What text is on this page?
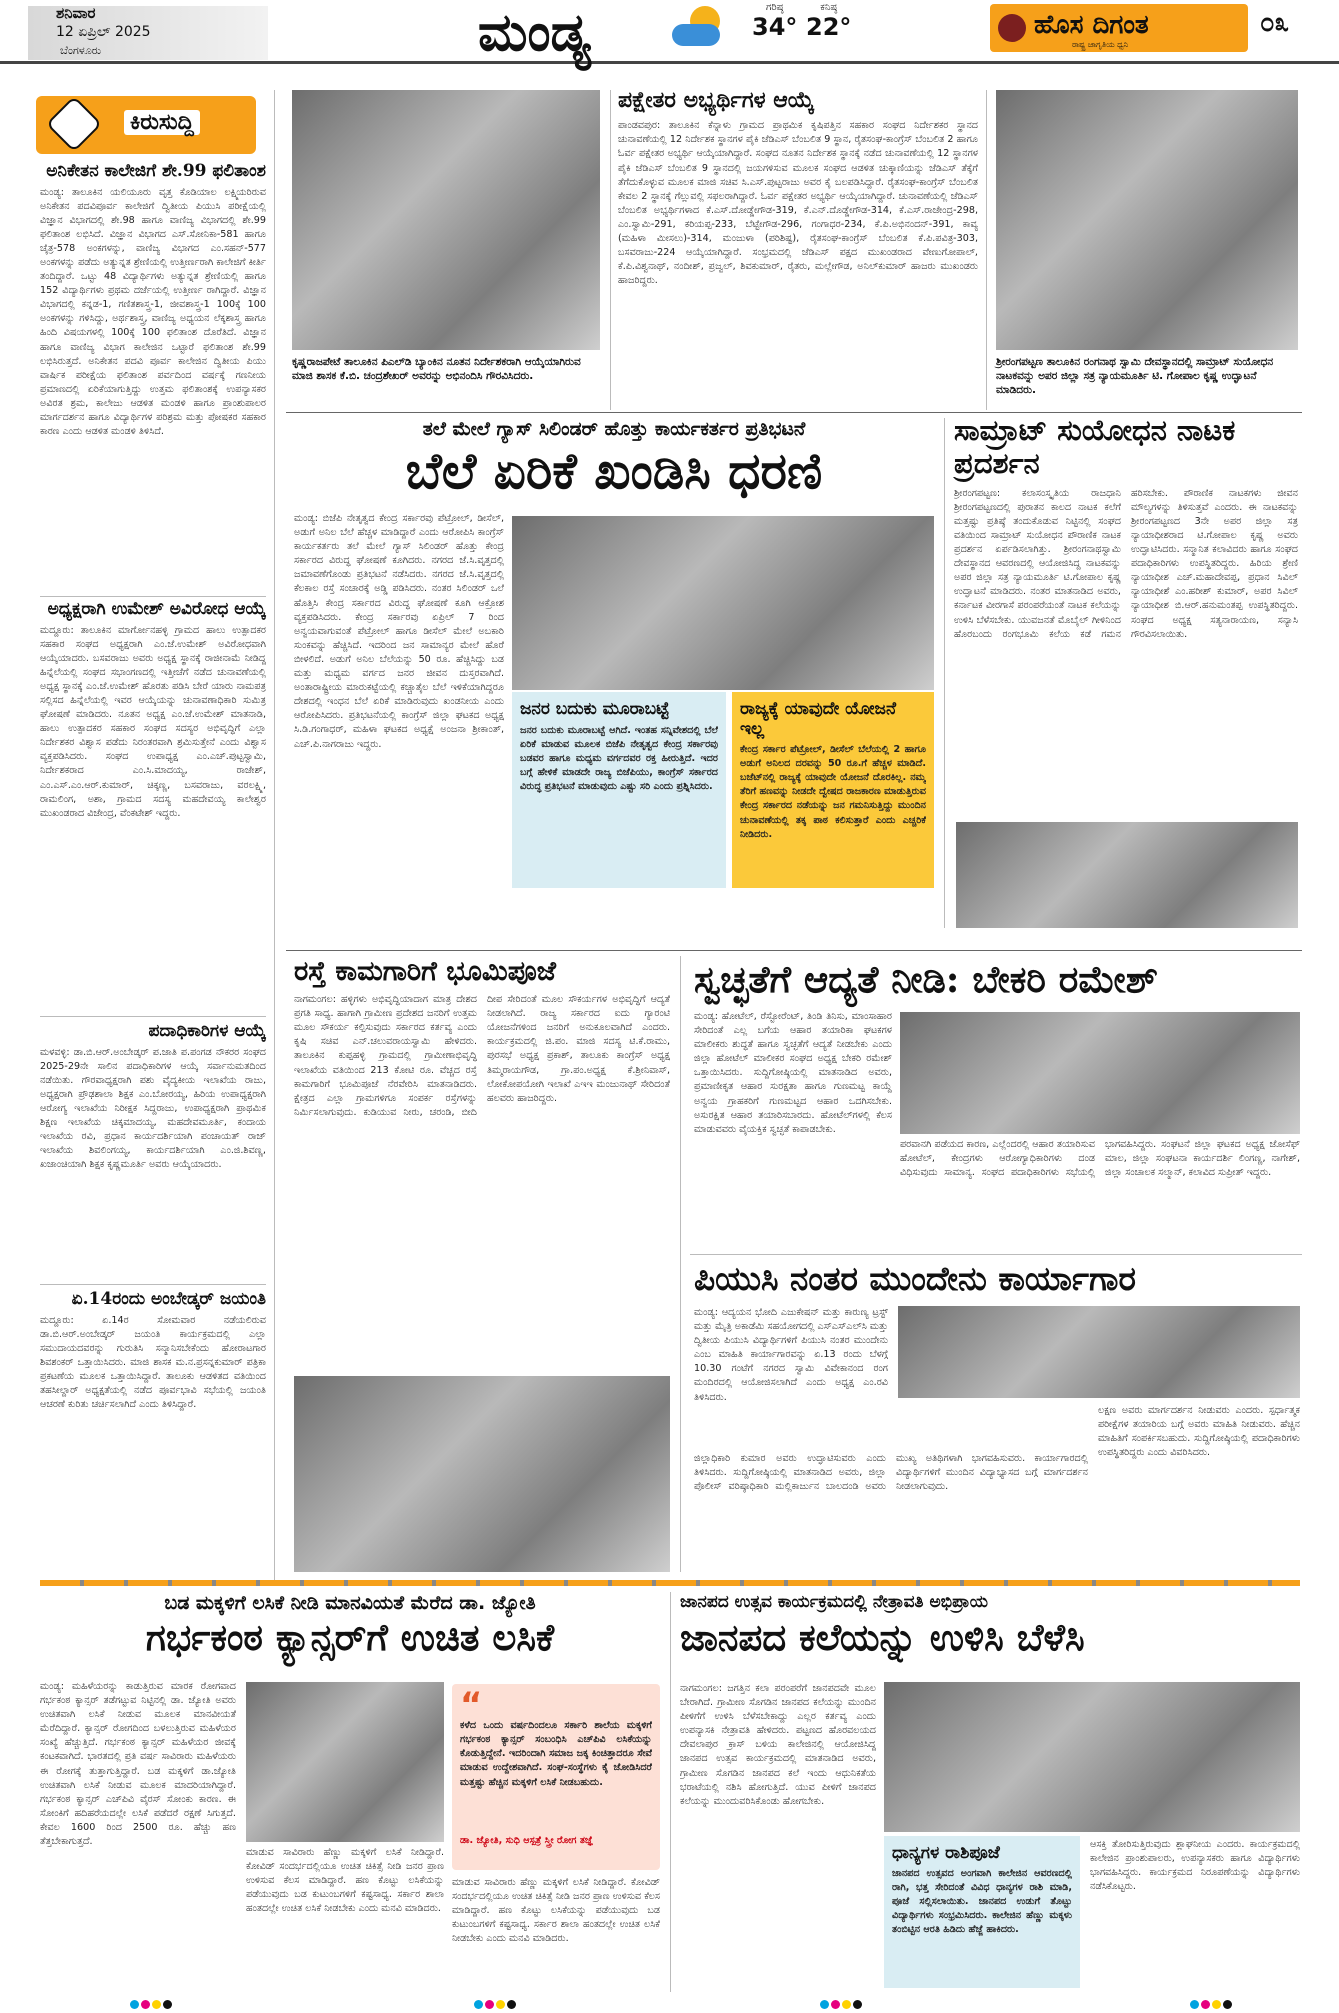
ಶನಿವಾರ
12 ಏಪ್ರಿಲ್ 2025
ಬೆಂಗಳೂರು	ಮಂಡ್ಯ	ಗರಿಷ್ಠ
34°
ಕನಿಷ್ಠ
22°	ಹೊಸ ದಿಗಂತ
ರಾಷ್ಟ್ರ ಜಾಗೃತಿಯ ಧ್ವನಿ
೦೩
ಕಿರುಸುದ್ದಿ
ಅನಿಕೇತನ ಕಾಲೇಜಿಗೆ ಶೇ.99 ಫಲಿತಾಂಶ

ಮಂಡ್ಯ: ತಾಲೂಕಿನ ಯಲಿಯೂರು ವೃತ್ತ ಕೊಡಿಯಾಲ ಲಕ್ಷ್ಮಿಯರಿರುವ ಅನಿಕೇತನ ಪದವಿಪೂರ್ವ ಕಾಲೇಜಿಗೆ ದ್ವಿತೀಯ ಪಿಯುಸಿ ಪರೀಕ್ಷೆಯಲ್ಲಿ ವಿಜ್ಞಾನ ವಿಭಾಗದಲ್ಲಿ ಶೇ.98 ಹಾಗೂ ವಾಣಿಜ್ಯ ವಿಭಾಗದಲ್ಲಿ ಶೇ.99 ಫಲಿತಾಂಶ ಲಭಿಸಿದೆ. ವಿಜ್ಞಾನ ವಿಭಾಗದ ಎಸ್.ಸೋನಿಕಾ-581 ಹಾಗೂ ಚೈತ್ರ-578 ಅಂಕಗಳನ್ನು, ವಾಣಿಜ್ಯ ವಿಭಾಗದ ಎಂ.ಸಹನ್-577 ಅಂಕಗಳನ್ನು ಪಡೆದು ಅತ್ಯುನ್ನತ ಶ್ರೇಣಿಯಲ್ಲಿ ಉತ್ತೀರ್ಣರಾಗಿ ಕಾಲೇಜಿಗೆ ಕೀರ್ತಿ ತಂದಿದ್ದಾರೆ. ಒಟ್ಟು 48 ವಿದ್ಯಾರ್ಥಿಗಳು ಅತ್ಯುನ್ನತ ಶ್ರೇಣಿಯಲ್ಲಿ ಹಾಗೂ 152 ವಿದ್ಯಾರ್ಥಿಗಳು ಪ್ರಥಮ ದರ್ಜೆಯಲ್ಲಿ ಉತ್ತೀರ್ಣ ರಾಗಿದ್ದಾರೆ. ವಿಜ್ಞಾನ ವಿಭಾಗದಲ್ಲಿ ಕನ್ನಡ-1, ಗಣಿತಶಾಸ್ತ್ರ-1, ಜೀವಶಾಸ್ತ್ರ-1 100ಕ್ಕೆ 100 ಅಂಕಗಳನ್ನು ಗಳಿಸಿದ್ದು, ಅರ್ಥಶಾಸ್ತ್ರ, ವಾಣಿಜ್ಯ ಅಧ್ಯಯನ ಲೆಕ್ಕಶಾಸ್ತ್ರ ಹಾಗೂ ಹಿಂದಿ ವಿಷಯಗಳಲ್ಲಿ 100ಕ್ಕೆ 100 ಫಲಿತಾಂಶ ದೊರೆತಿದೆ. ವಿಜ್ಞಾನ ಹಾಗೂ ವಾಣಿಜ್ಯ ವಿಭಾಗ ಕಾಲೇಜಿನ ಒಟ್ಟಾರೆ ಫಲಿತಾಂಶ ಶೇ.99 ಲಭಿಸಿರುತ್ತದೆ. ಅನಿಕೇತನ ಪದವಿ ಪೂರ್ವ ಕಾಲೇಜಿನ ದ್ವಿತೀಯ ಪಿಯು ವಾರ್ಷಿಕ ಪರೀಕ್ಷೆಯ ಫಲಿತಾಂಶ ಪರ್ವದಿಂದ ವರ್ಷಕ್ಕೆ ಗಣನೀಯ ಪ್ರಮಾಣದಲ್ಲಿ ಏರಿಕೆಯಾಗುತ್ತಿದ್ದು ಉತ್ತಮ ಫಲಿತಾಂಶಕ್ಕೆ ಉಪನ್ಯಾಸಕರ ಅವಿರತ ಶ್ರಮ, ಕಾಲೇಜು ಆಡಳಿತ ಮಂಡಳಿ ಹಾಗೂ ಪ್ರಾಂಶುಪಾಲರ ಮಾರ್ಗದರ್ಶನ ಹಾಗೂ ವಿದ್ಯಾರ್ಥಿಗಳ ಪರಿಶ್ರಮ ಮತ್ತು ಪೋಷಕರ ಸಹಕಾರ ಕಾರಣ ಎಂದು ಆಡಳಿತ ಮಂಡಳಿ ತಿಳಿಸಿದೆ.

ಅಧ್ಯಕ್ಷರಾಗಿ ಉಮೇಶ್ ಅವಿರೋಧ ಆಯ್ಕೆ

ಮದ್ದೂರು: ತಾಲೂಕಿನ ಮಾರ್ಗೋನಹಳ್ಳಿ ಗ್ರಾಮದ ಹಾಲು ಉತ್ಪಾದಕರ ಸಹಕಾರ ಸಂಘದ ಅಧ್ಯಕ್ಷರಾಗಿ ಎಂ.ಜೆ.ಉಮೇಶ್ ಅವಿರೋಧವಾಗಿ ಆಯ್ಕೆಯಾದರು. ಬಸವರಾಜು ಅವರು ಅಧ್ಯಕ್ಷ ಸ್ಥಾನಕ್ಕೆ ರಾಜೀನಾಮೆ ನೀಡಿದ್ದ ಹಿನ್ನೆಲೆಯಲ್ಲಿ ಸಂಘದ ಸಭಾಂಗಣದಲ್ಲಿ ಇತ್ತೀಚೆಗೆ ನಡೆದ ಚುನಾವಣೆಯಲ್ಲಿ ಅಧ್ಯಕ್ಷ ಸ್ಥಾನಕ್ಕೆ ಎಂ.ಜೆ.ಉಮೇಶ್ ಹೊರತು ಪಡಿಸಿ ಬೇರೆ ಯಾರು ನಾಮಪತ್ರ ಸಲ್ಲಿಸದ ಹಿನ್ನೆಲೆಯಲ್ಲಿ ಇವರ ಆಯ್ಕೆಯನ್ನು ಚುನಾವಣಾಧಿಕಾರಿ ಸುಮಿತ್ರ ಘೋಷಣೆ ಮಾಡಿದರು. ನೂತನ ಅಧ್ಯಕ್ಷ ಎಂ.ಜೆ.ಉಮೇಶ್ ಮಾತನಾಡಿ, ಹಾಲು ಉತ್ಪಾದಕರ ಸಹಕಾರ ಸಂಘದ ಸದಸ್ಯರ ಅಭಿವೃದ್ಧಿಗೆ ಎಲ್ಲಾ ನಿರ್ದೇಶಕರ ವಿಶ್ವಾಸ ಪಡೆದು ನಿರಂತರವಾಗಿ ಶ್ರಮಿಸುತ್ತೇನೆ ಎಂದು ವಿಶ್ವಾಸ ವ್ಯಕ್ತಪಡಿಸಿದರು. ಸಂಘದ ಉಪಾಧ್ಯಕ್ಷ ಎಂ.ಎಚ್.ಪುಟ್ಟಸ್ವಾಮಿ, ನಿರ್ದೇಶಕರಾದ ಎಂ.ಸಿ.ಮಾದಯ್ಯ, ರಾಜೇಶ್, ಎಂ.ಎಸ್.ಎಂ.ಆರ್.ಕುಮಾರ್, ಚಿಕ್ಕಣ್ಣ, ಬಸವರಾಜು, ವರಲಕ್ಷ್ಮಿ, ರಾಮಲಿಂಗ, ಅಶಾ, ಗ್ರಾಮದ ಸದಸ್ಯ ಮಹದೇವಯ್ಯ ಕಾಲೇಶ್ವರ ಮುಖಂಡರಾದ ವಿಜೇಂದ್ರ, ವೆಂಕಟೇಶ್ ಇದ್ದರು.

ಪದಾಧಿಕಾರಿಗಳ ಆಯ್ಕೆ

ಮಳವಳ್ಳಿ: ಡಾ.ಬಿ.ಆರ್.ಅಂಬೇಡ್ಕರ್ ಪ.ಜಾತಿ ಪ.ಪಂಗಡ ನೌಕರರ ಸಂಘದ 2025-29ನೇ ಸಾಲಿನ ಪದಾಧಿಕಾರಿಗಳ ಆಯ್ಕೆ ಸರ್ವಾನುಮತದಿಂದ ನಡೆಯಿತು. ಗೌರವಾಧ್ಯಕ್ಷರಾಗಿ ಪಶು ವೈದ್ಯಕೀಯ ಇಲಾಖೆಯ ರಾಜು, ಅಧ್ಯಕ್ಷರಾಗಿ ಪ್ರೌಢಶಾಲಾ ಶಿಕ್ಷಕ ಎಂ.ಬೋರಯ್ಯ, ಹಿರಿಯ ಉಪಾಧ್ಯಕ್ಷರಾಗಿ ಆರೋಗ್ಯ ಇಲಾಖೆಯ ನಿರೀಕ್ಷಕ ಸಿದ್ದರಾಜು, ಉಪಾಧ್ಯಕ್ಷರಾಗಿ ಪ್ರಾಥಮಿಕ ಶಿಕ್ಷಣ ಇಲಾಖೆಯ ಚಿಕ್ಕಮಾದಯ್ಯ, ಮಹದೇವಮೂರ್ತಿ, ಕಂದಾಯ ಇಲಾಖೆಯ ರವಿ, ಪ್ರಧಾನ ಕಾರ್ಯದರ್ಶಿಯಾಗಿ ಪಂಚಾಯತ್ ರಾಜ್ ಇಲಾಖೆಯ ಶಿವಲಿಂಗಯ್ಯ, ಕಾರ್ಯದರ್ಶಿಯಾಗಿ ಎಂ.ಜಿ.ಶಿವಣ್ಣ, ಖಜಾಂಚಿಯಾಗಿ ಶಿಕ್ಷಕ ಕೃಷ್ಣಮೂರ್ತಿ ಅವರು ಆಯ್ಕೆಯಾದರು.

ಏ.14ರಂದು ಅಂಬೇಡ್ಕರ್ ಜಯಂತಿ

ಮದ್ದೂರು: ಏ.14ರ ಸೋಮವಾರ ನಡೆಯಲಿರುವ ಡಾ.ಬಿ.ಆರ್.ಅಂಬೇಡ್ಕರ್ ಜಯಂತಿ ಕಾರ್ಯಕ್ರಮದಲ್ಲಿ ಎಲ್ಲಾ ಸಮುದಾಯದವರನ್ನು ಗುರುತಿಸಿ ಸನ್ಮಾನಿಸಬೇಕೆಂದು ಹೋರಾಟಗಾರ ಶಿವಶಂಕರ್ ಒತ್ತಾಯಿಸಿದರು. ಮಾಜಿ ಶಾಸಕ ಮ.ನ.ಪ್ರಸನ್ನಕುಮಾರ್ ಪತ್ರಿಕಾ ಪ್ರಕಟಣೆಯ ಮೂಲಕ ಒತ್ತಾಯಿಸಿದ್ದಾರೆ. ತಾಲೂಕು ಆಡಳಿತದ ವತಿಯಿಂದ ತಹಸೀಲ್ದಾರ್ ಅಧ್ಯಕ್ಷತೆಯಲ್ಲಿ ನಡೆದ ಪೂರ್ವಭಾವಿ ಸಭೆಯಲ್ಲಿ ಜಯಂತಿ ಆಚರಣೆ ಕುರಿತು ಚರ್ಚಿಸಲಾಗಿದೆ ಎಂದು ತಿಳಿಸಿದ್ದಾರೆ.

ಕೃಷ್ಣರಾಜಪೇಟೆ ತಾಲೂಕಿನ ಪಿಎಲ್‌ಡಿ ಬ್ಯಾಂಕಿನ ನೂತನ ನಿರ್ದೇಶಕರಾಗಿ ಆಯ್ಕೆಯಾಗಿರುವ ಮಾಜಿ ಶಾಸಕ ಕೆ.ಬಿ. ಚಂದ್ರಶೇಖರ್ ಅವರನ್ನು ಅಭಿನಂದಿಸಿ ಗೌರವಿಸಿದರು.
ಪಕ್ಷೇತರ ಅಭ್ಯರ್ಥಿಗಳ ಆಯ್ಕೆ

ಪಾಂಡವಪುರ: ತಾಲೂಕಿನ ಕೆನ್ನಾಳು ಗ್ರಾಮದ ಪ್ರಾಥಮಿಕ ಕೃಷಿಪತ್ತಿನ ಸಹಕಾರ ಸಂಘದ ನಿರ್ದೇಶಕರ ಸ್ಥಾನದ ಚುನಾವಣೆಯಲ್ಲಿ 12 ನಿರ್ದೇಶಕ ಸ್ಥಾನಗಳ ಪೈಕಿ ಜೆಡಿಎಸ್ ಬೆಂಬಲಿತ 9 ಸ್ಥಾನ, ರೈತಸಂಘ-ಕಾಂಗ್ರೆಸ್ ಬೆಂಬಲಿತ 2 ಹಾಗೂ ಓರ್ವ ಪಕ್ಷೇತರ ಅಭ್ಯರ್ಥಿ ಆಯ್ಕೆಯಾಗಿದ್ದಾರೆ. ಸಂಘದ ನೂತನ ನಿರ್ದೇಶಕ ಸ್ಥಾನಕ್ಕೆ ನಡೆದ ಚುನಾವಣೆಯಲ್ಲಿ 12 ಸ್ಥಾನಗಳ ಪೈಕಿ ಜೆಡಿಎಸ್ ಬೆಂಬಲಿತ 9 ಸ್ಥಾನದಲ್ಲಿ ಜಯಗಳಿಸುವ ಮೂಲಕ ಸಂಘದ ಆಡಳಿತ ಚುಕ್ಕಾಣಿಯನ್ನು ಜೆಡಿಎಸ್ ತೆಕ್ಕೆಗೆ ತೆಗೆದುಕೊಳ್ಳುವ ಮೂಲಕ ಮಾಜಿ ಸಚಿವ ಸಿ.ಎಸ್.ಪುಟ್ಟರಾಜು ಅವರ ಕೈ ಬಲಪಡಿಸಿದ್ದಾರೆ. ರೈತಸಂಘ-ಕಾಂಗ್ರೆಸ್ ಬೆಂಬಲಿತ ಕೇವಲ 2 ಸ್ಥಾನಕ್ಕೆ ಗೆಲ್ಲುವಲ್ಲಿ ಸಫಲರಾಗಿದ್ದಾರೆ. ಓರ್ವ ಪಕ್ಷೇತರ ಅಭ್ಯರ್ಥಿ ಆಯ್ಕೆಯಾಗಿದ್ದಾರೆ. ಚುನಾವಣೆಯಲ್ಲಿ ಜೆಡಿಎಸ್ ಬೆಂಬಲಿತ ಅಭ್ಯರ್ಥಿಗಳಾದ ಕೆ.ಎಸ್.ದೋಡ್ಡೇಗೌಡ-319, ಕೆ.ಎನ್.ದೊಡ್ಡೇಗೌಡ-314, ಕೆ.ಎಸ್.ರಾಜೇಂದ್ರ-298, ಎಂ.ಸ್ವಾಮಿ-291, ಕರಿಯಪ್ಪ-233, ಬೆಟ್ಟೇಗೌಡ-296, ಗಂಗಾಧರ-234, ಕೆ.ಪಿ.ಅಭಿನಂದನ್-391, ಕಾವ್ಯ (ಮಹಿಳಾ ಮೀಸಲು)-314, ಮಂಜುಳಾ (ಪರಿಶಿಷ್ಟ), ರೈತಸಂಘ-ಕಾಂಗ್ರೆಸ್ ಬೆಂಬಲಿತ ಕೆ.ಪಿ.ಪವಿತ್ರ-303, ಬಸವರಾಜು-224 ಆಯ್ಕೆಯಾಗಿದ್ದಾರೆ. ಸಂಭ್ರಮದಲ್ಲಿ ಜೆಡಿಎಸ್ ಪಕ್ಷದ ಮುಖಂಡರಾದ ವೇಣುಗೋಪಾಲ್, ಕೆ.ಪಿ.ವಿಶ್ವನಾಥ್, ನಂದೀಶ್, ಪ್ರಜ್ವಲ್, ಶಿವಕುಮಾರ್, ರೈತರು, ಮಲ್ಲೇಗೌಡ, ಅನಿಲ್‌ಕುಮಾರ್ ಹಾಜರು ಮುಖಂಡರು ಹಾಜರಿದ್ದರು.

ಶ್ರೀರಂಗಪಟ್ಟಣ ತಾಲೂಕಿನ ರಂಗನಾಥ ಸ್ವಾಮಿ ದೇವಸ್ಥಾನದಲ್ಲಿ ಸಾಮ್ರಾಟ್ ಸುಯೋಧನ ನಾಟಕವನ್ನು ಅಪರ ಜಿಲ್ಲಾ ಸತ್ರ ನ್ಯಾಯಮೂರ್ತಿ ಟಿ. ಗೋಪಾಲ ಕೃಷ್ಣ ಉದ್ಘಾಟನೆ ಮಾಡಿದರು.
ತಲೆ ಮೇಲೆ ಗ್ಯಾಸ್ ಸಿಲಿಂಡರ್ ಹೊತ್ತು ಕಾರ್ಯಕರ್ತರ ಪ್ರತಿಭಟನೆ
ಬೆಲೆ ಏರಿಕೆ ಖಂಡಿಸಿ ಧರಣಿ

ಮಂಡ್ಯ: ಬಿಜೆಪಿ ನೇತೃತ್ವದ ಕೇಂದ್ರ ಸರ್ಕಾರವು ಪೆಟ್ರೋಲ್, ಡೀಸೆಲ್, ಅಡುಗೆ ಅನಿಲ ಬೆಲೆ ಹೆಚ್ಚಳ ಮಾಡಿದ್ದಾರೆ ಎಂದು ಆರೋಪಿಸಿ ಕಾಂಗ್ರೆಸ್ ಕಾರ್ಯಕರ್ತರು ತಲೆ ಮೇಲೆ ಗ್ಯಾಸ್ ಸಿಲಿಂಡರ್ ಹೊತ್ತು ಕೇಂದ್ರ ಸರ್ಕಾರದ ವಿರುದ್ಧ ಘೋಷಣೆ ಕೂಗಿದರು. ನಗರದ ಜೆ.ಸಿ.ವೃತ್ತದಲ್ಲಿ ಜಮಾವಣೆಗೊಂಡು ಪ್ರತಿಭಟನೆ ನಡೆಸಿದರು. ನಗರದ ಜೆ.ಸಿ.ವೃತ್ತದಲ್ಲಿ ಕೆಲಕಾಲ ರಸ್ತೆ ಸಂಚಾರಕ್ಕೆ ಅಡ್ಡಿ ಪಡಿಸಿದರು. ನಂತರ ಸಿಲಿಂಡರ್ ಒಲೆ ಹೊತ್ತಿಸಿ ಕೇಂದ್ರ ಸರ್ಕಾರದ ವಿರುದ್ಧ ಘೋಷಣೆ ಕೂಗಿ ಆಕ್ರೋಶ ವ್ಯಕ್ತಪಡಿಸಿದರು. ಕೇಂದ್ರ ಸರ್ಕಾರವು ಏಪ್ರಿಲ್ 7 ರಿಂದ ಅನ್ವಯವಾಗುವಂತೆ ಪೆಟ್ರೋಲ್ ಹಾಗೂ ಡೀಸೆಲ್ ಮೇಲೆ ಅಬಕಾರಿ ಸುಂಕವನ್ನು ಹೆಚ್ಚಿಸಿದೆ. ಇದರಿಂದ ಜನ ಸಾಮಾನ್ಯರ ಮೇಲೆ ಹೊರೆ ಬೀಳಲಿದೆ. ಅಡುಗೆ ಅನಿಲ ಬೆಲೆಯನ್ನು 50 ರೂ. ಹೆಚ್ಚಿಸಿದ್ದು ಬಡ ಮತ್ತು ಮಧ್ಯಮ ವರ್ಗದ ಜನರ ಜೀವನ ದುಸ್ತರವಾಗಿದೆ. ಅಂತಾರಾಷ್ಟ್ರೀಯ ಮಾರುಕಟ್ಟೆಯಲ್ಲಿ ಕಚ್ಚಾತೈಲ ಬೆಲೆ ಇಳಿಕೆಯಾಗಿದ್ದರೂ ದೇಶದಲ್ಲಿ ಇಂಧನ ಬೆಲೆ ಏರಿಕೆ ಮಾಡಿರುವುದು ಖಂಡನೀಯ ಎಂದು ಆರೋಪಿಸಿದರು. ಪ್ರತಿಭಟನೆಯಲ್ಲಿ ಕಾಂಗ್ರೆಸ್ ಜಿಲ್ಲಾ ಘಟಕದ ಅಧ್ಯಕ್ಷ ಸಿ.ಡಿ.ಗಂಗಾಧರ್, ಮಹಿಳಾ ಘಟಕದ ಅಧ್ಯಕ್ಷೆ ಅಂಜನಾ ಶ್ರೀಕಾಂತ್, ಎಚ್.ಪಿ.ನಾಗರಾಜು ಇದ್ದರು.

ಜನರ ಬದುಕು ಮೂರಾಬಟ್ಟೆ

ಜನರ ಬದುಕು ಮೂರಾಬಟ್ಟೆ ಆಗಿದೆ. ಇಂತಹ ಸನ್ನಿವೇಶದಲ್ಲಿ ಬೆಲೆ ಏರಿಕೆ ಮಾಡುವ ಮೂಲಕ ಬಿಜೆಪಿ ನೇತೃತ್ವದ ಕೇಂದ್ರ ಸರ್ಕಾರವು ಬಡವರ ಹಾಗೂ ಮಧ್ಯಮ ವರ್ಗದವರ ರಕ್ತ ಹೀರುತ್ತಿದೆ. ಇದರ ಬಗ್ಗೆ ಹೇಳಿಕೆ ಮಾಡದೇ ರಾಜ್ಯ ಬಿಜೆಪಿಯು, ಕಾಂಗ್ರೆಸ್ ಸರ್ಕಾರದ ವಿರುದ್ಧ ಪ್ರತಿಭಟನೆ ಮಾಡುವುದು ಎಷ್ಟು ಸರಿ ಎಂದು ಪ್ರಶ್ನಿಸಿದರು.

ರಾಜ್ಯಕ್ಕೆ ಯಾವುದೇ ಯೋಜನೆ ಇಲ್ಲ

ಕೇಂದ್ರ ಸರ್ಕಾರ ಪೆಟ್ರೋಲ್, ಡೀಸೆಲ್ ಬೆಲೆಯಲ್ಲಿ 2 ಹಾಗೂ ಅಡುಗೆ ಅನಿಲದ ದರವನ್ನು 50 ರೂ.ಗೆ ಹೆಚ್ಚಳ ಮಾಡಿದೆ. ಬಜೆಟ್‌ನಲ್ಲಿ ರಾಜ್ಯಕ್ಕೆ ಯಾವುದೇ ಯೋಜನೆ ದೊರಕಿಲ್ಲ. ನಮ್ಮ ತೆರಿಗೆ ಹಣವನ್ನು ನೀಡದೇ ದ್ವೇಷದ ರಾಜಕಾರಣ ಮಾಡುತ್ತಿರುವ ಕೇಂದ್ರ ಸರ್ಕಾರದ ನಡೆಯನ್ನು ಜನ ಗಮನಿಸುತ್ತಿದ್ದು ಮುಂದಿನ ಚುನಾವಣೆಯಲ್ಲಿ ತಕ್ಕ ಪಾಠ ಕಲಿಸುತ್ತಾರೆ ಎಂದು ಎಚ್ಚರಿಕೆ ನೀಡಿದರು.

ಸಾಮ್ರಾಟ್ ಸುಯೋಧನ ನಾಟಕ ಪ್ರದರ್ಶನ

ಶ್ರೀರಂಗಪಟ್ಟಣ: ಕಲಾಸಂಸ್ಕೃತಿಯ ರಾಜಧಾನಿ ಶ್ರೀರಂಗಪಟ್ಟಣದಲ್ಲಿ ಪುರಾತನ ಕಾಲದ ನಾಟಕ ಕಲೆಗೆ ಮತ್ತಷ್ಟು ಪ್ರತಿಷ್ಠೆ ತಂದುಕೊಡುವ ನಿಟ್ಟಿನಲ್ಲಿ ಸಂಘದ ವತಿಯಿಂದ ಸಾಮ್ರಾಟ್ ಸುಯೋಧನ ಪೌರಾಣಿಕ ನಾಟಕ ಪ್ರದರ್ಶನ ಏರ್ಪಡಿಸಲಾಗಿತ್ತು. ಶ್ರೀರಂಗನಾಥಸ್ವಾಮಿ ದೇವಸ್ಥಾನದ ಆವರಣದಲ್ಲಿ ಆಯೋಜಿಸಿದ್ದ ನಾಟಕವನ್ನು ಅಪರ ಜಿಲ್ಲಾ ಸತ್ರ ನ್ಯಾಯಮೂರ್ತಿ ಟಿ.ಗೋಪಾಲ ಕೃಷ್ಣ ಉದ್ಘಾಟನೆ ಮಾಡಿದರು. ನಂತರ ಮಾತನಾಡಿದ ಅವರು, ಕರ್ನಾಟಕ ವೀರಗಾಸೆ ಪರಂಪರೆಯಂತೆ ನಾಟಕ ಕಲೆಯನ್ನು ಉಳಿಸಿ ಬೆಳೆಸಬೇಕು. ಯುವಜನತೆ ಮೊಬೈಲ್ ಗೀಳಿನಿಂದ ಹೊರಬಂದು ರಂಗಭೂಮಿ ಕಲೆಯ ಕಡೆ ಗಮನ ಹರಿಸಬೇಕು. ಪೌರಾಣಿಕ ನಾಟಕಗಳು ಜೀವನ ಮೌಲ್ಯಗಳನ್ನು ತಿಳಿಸುತ್ತವೆ ಎಂದರು. ಈ ನಾಟಕವನ್ನು ಶ್ರೀರಂಗಪಟ್ಟಣದ 3ನೇ ಅಪರ ಜಿಲ್ಲಾ ಸತ್ರ ನ್ಯಾಯಾಧೀಶರಾದ ಟಿ.ಗೋಪಾಲ ಕೃಷ್ಣ ಅವರು ಉದ್ಘಾಟಿಸಿದರು. ಸನ್ಮಾನಿತ ಕಲಾವಿದರು ಹಾಗೂ ಸಂಘದ ಪದಾಧಿಕಾರಿಗಳು ಉಪಸ್ಥಿತರಿದ್ದರು. ಹಿರಿಯ ಶ್ರೇಣಿ ನ್ಯಾಯಾಧೀಶ ಎಚ್.ಮಹಾದೇವಪ್ಪ, ಪ್ರಧಾನ ಸಿವಿಲ್ ನ್ಯಾಯಾಧೀಶೆ ಎಂ.ಹರೀಶ್ ಕುಮಾರ್, ಅಪರ ಸಿವಿಲ್ ನ್ಯಾಯಾಧೀಶ ಬಿ.ಆರ್.ಹನುಮಂತಪ್ಪ ಉಪಸ್ಥಿತರಿದ್ದರು. ಸಂಘದ ಅಧ್ಯಕ್ಷ ಸತ್ಯನಾರಾಯಣ, ಸನ್ಯಾಸಿ ಗೌರವಿಸಲಾಯಿತು.

ರಸ್ತೆ ಕಾಮಗಾರಿಗೆ ಭೂಮಿಪೂಜೆ

ನಾಗಮಂಗಲ: ಹಳ್ಳಿಗಳು ಅಭಿವೃದ್ಧಿಯಾದಾಗ ಮಾತ್ರ ದೇಶದ ಪ್ರಗತಿ ಸಾಧ್ಯ. ಹಾಗಾಗಿ ಗ್ರಾಮೀಣ ಪ್ರದೇಶದ ಜನರಿಗೆ ಉತ್ತಮ ಮೂಲ ಸೌಕರ್ಯ ಕಲ್ಪಿಸುವುದು ಸರ್ಕಾರದ ಕರ್ತವ್ಯ ಎಂದು ಕೃಷಿ ಸಚಿವ ಎನ್.ಚಲುವರಾಯಸ್ವಾಮಿ ಹೇಳಿದರು. ತಾಲೂಕಿನ ಕುಪ್ಪಹಳ್ಳಿ ಗ್ರಾಮದಲ್ಲಿ ಗ್ರಾಮೀಣಾಭಿವೃದ್ಧಿ ಇಲಾಖೆಯ ವತಿಯಿಂದ 213 ಕೋಟಿ ರೂ. ವೆಚ್ಚದ ರಸ್ತೆ ಕಾಮಗಾರಿಗೆ ಭೂಮಿಪೂಜೆ ನೆರವೇರಿಸಿ ಮಾತನಾಡಿದರು. ಕ್ಷೇತ್ರದ ಎಲ್ಲಾ ಗ್ರಾಮಗಳಿಗೂ ಸಂಪರ್ಕ ರಸ್ತೆಗಳನ್ನು ನಿರ್ಮಿಸಲಾಗುವುದು. ಕುಡಿಯುವ ನೀರು, ಚರಂಡಿ, ಬೀದಿ ದೀಪ ಸೇರಿದಂತೆ ಮೂಲ ಸೌಕರ್ಯಗಳ ಅಭಿವೃದ್ಧಿಗೆ ಆದ್ಯತೆ ನೀಡಲಾಗಿದೆ. ರಾಜ್ಯ ಸರ್ಕಾರದ ಐದು ಗ್ಯಾರಂಟಿ ಯೋಜನೆಗಳಿಂದ ಜನರಿಗೆ ಅನುಕೂಲವಾಗಿದೆ ಎಂದರು. ಕಾರ್ಯಕ್ರಮದಲ್ಲಿ ಜಿ.ಪಂ. ಮಾಜಿ ಸದಸ್ಯ ಟಿ.ಕೆ.ರಾಮು, ಪುರಸಭೆ ಅಧ್ಯಕ್ಷ ಪ್ರಕಾಶ್, ತಾಲೂಕು ಕಾಂಗ್ರೆಸ್ ಅಧ್ಯಕ್ಷ ತಿಮ್ಮರಾಯಗೌಡ, ಗ್ರಾ.ಪಂ.ಅಧ್ಯಕ್ಷ ಕೆ.ಶ್ರೀನಿವಾಸ್, ಲೋಕೋಪಯೋಗಿ ಇಲಾಖೆ ಎಇಇ ಮಂಜುನಾಥ್ ಸೇರಿದಂತೆ ಹಲವರು ಹಾಜರಿದ್ದರು.

ಸ್ವಚ್ಛತೆಗೆ ಆದ್ಯತೆ ನೀಡಿ: ಬೇಕರಿ ರಮೇಶ್

ಮಂಡ್ಯ: ಹೋಟೆಲ್, ರೆಸ್ಟೋರೆಂಟ್, ತಿಂಡಿ ತಿನಿಸು, ಮಾಂಸಾಹಾರ ಸೇರಿದಂತೆ ಎಲ್ಲ ಬಗೆಯ ಆಹಾರ ತಯಾರಿಕಾ ಘಟಕಗಳ ಮಾಲೀಕರು ಶುದ್ಧತೆ ಹಾಗೂ ಸ್ವಚ್ಛತೆಗೆ ಆದ್ಯತೆ ನೀಡಬೇಕು ಎಂದು ಜಿಲ್ಲಾ ಹೋಟೆಲ್ ಮಾಲೀಕರ ಸಂಘದ ಅಧ್ಯಕ್ಷ ಬೇಕರಿ ರಮೇಶ್ ಒತ್ತಾಯಿಸಿದರು. ಸುದ್ದಿಗೋಷ್ಠಿಯಲ್ಲಿ ಮಾತನಾಡಿದ ಅವರು, ಪ್ರಮಾಣೀಕೃತ ಆಹಾರ ಸುರಕ್ಷತಾ ಹಾಗೂ ಗುಣಮಟ್ಟ ಕಾಯ್ದೆ ಅನ್ವಯ ಗ್ರಾಹಕರಿಗೆ ಗುಣಮಟ್ಟದ ಆಹಾರ ಒದಗಿಸಬೇಕು. ಅಸುರಕ್ಷಿತ ಆಹಾರ ತಯಾರಿಸಬಾರದು. ಹೋಟೆಲ್‌ಗಳಲ್ಲಿ ಕೆಲಸ ಮಾಡುವವರು ವೈಯಕ್ತಿಕ ಸ್ವಚ್ಛತೆ ಕಾಪಾಡಬೇಕು.

ಪರವಾನಗಿ ಪಡೆಯದ ಕಾರಣ, ಎಲ್ಲೆಂದರಲ್ಲಿ ಆಹಾರ ತಯಾರಿಸುವ ಹೋಟೆಲ್, ಕೇಂದ್ರಗಳು ಆರೋಗ್ಯಾಧಿಕಾರಿಗಳು ದಂಡ ವಿಧಿಸುವುದು ಸಾಮಾನ್ಯ. ಸಂಘದ ಪದಾಧಿಕಾರಿಗಳು ಸಭೆಯಲ್ಲಿ ಭಾಗವಹಿಸಿದ್ದರು. ಸಂಘಟನೆ ಜಿಲ್ಲಾ ಘಟಕದ ಅಧ್ಯಕ್ಷ ಜೋಸೆಫ್ ಮಾಲ, ಜಿಲ್ಲಾ ಸಂಘಟನಾ ಕಾರ್ಯದರ್ಶಿ ಲಿಂಗಣ್ಣ, ನಾಗೇಶ್, ಜಿಲ್ಲಾ ಸಂಚಾಲಕ ಸಲ್ಮಾನ್, ಕಲಾವಿದ ಸುಪ್ರೀತ್ ಇದ್ದರು.

ಪಿಯುಸಿ ನಂತರ ಮುಂದೇನು ಕಾರ್ಯಾಗಾರ

ಮಂಡ್ಯ: ಆದ್ಯಯನ ಭೋದಿ ಎಜುಕೇಷನ್ ಮತ್ತು ಕಾರುಣ್ಯ ಟ್ರಸ್ಟ್ ಮತ್ತು ಮೈತ್ರಿ ಅಕಾಡೆಮಿ ಸಹಯೋಗದಲ್ಲಿ ಎಸ್‌ಎಸ್‌ಎಲ್‌ಸಿ ಮತ್ತು ದ್ವಿತೀಯ ಪಿಯುಸಿ ವಿದ್ಯಾರ್ಥಿಗಳಿಗೆ ಪಿಯುಸಿ ನಂತರ ಮುಂದೇನು ಎಂಬ ಮಾಹಿತಿ ಕಾರ್ಯಾಗಾರವನ್ನು ಏ.13 ರಂದು ಬೆಳಗ್ಗೆ 10.30 ಗಂಟೆಗೆ ನಗರದ ಸ್ವಾಮಿ ವಿವೇಕಾನಂದ ರಂಗ ಮಂದಿರದಲ್ಲಿ ಆಯೋಜಿಸಲಾಗಿದೆ ಎಂದು ಅಧ್ಯಕ್ಷ ಎಂ.ರವಿ ತಿಳಿಸಿದರು.

ಜಿಲ್ಲಾಧಿಕಾರಿ ಕುಮಾರ ಅವರು ಉದ್ಘಾಟಿಸುವರು ಎಂದು ತಿಳಿಸಿದರು. ಸುದ್ದಿಗೋಷ್ಠಿಯಲ್ಲಿ ಮಾತನಾಡಿದ ಅವರು, ಜಿಲ್ಲಾ ಪೊಲೀಸ್ ವರಿಷ್ಠಾಧಿಕಾರಿ ಮಲ್ಲಿಕಾರ್ಜುನ ಬಾಲದಂಡಿ ಅವರು ಮುಖ್ಯ ಅತಿಥಿಗಳಾಗಿ ಭಾಗವಹಿಸುವರು. ಕಾರ್ಯಾಗಾರದಲ್ಲಿ ವಿದ್ಯಾರ್ಥಿಗಳಿಗೆ ಮುಂದಿನ ವಿದ್ಯಾಭ್ಯಾಸದ ಬಗ್ಗೆ ಮಾರ್ಗದರ್ಶನ ನೀಡಲಾಗುವುದು.

ಲಕ್ಷಣ ಅವರು ಮಾರ್ಗದರ್ಶನ ನೀಡುವರು ಎಂದರು. ಸ್ಪರ್ಧಾತ್ಮಕ ಪರೀಕ್ಷೆಗಳ ತಯಾರಿಯ ಬಗ್ಗೆ ಅವರು ಮಾಹಿತಿ ನೀಡುವರು. ಹೆಚ್ಚಿನ ಮಾಹಿತಿಗೆ ಸಂಪರ್ಕಿಸಬಹುದು. ಸುದ್ದಿಗೋಷ್ಠಿಯಲ್ಲಿ ಪದಾಧಿಕಾರಿಗಳು ಉಪಸ್ಥಿತರಿದ್ದರು ಎಂದು ವಿವರಿಸಿದರು.

ಬಡ ಮಕ್ಕಳಿಗೆ ಲಸಿಕೆ ನೀಡಿ ಮಾನವಿಯತೆ ಮೆರೆದ ಡಾ. ಜ್ಯೋತಿ
ಗರ್ಭಕಂಠ ಕ್ಯಾನ್ಸರ್‌ಗೆ ಉಚಿತ ಲಸಿಕೆ

ಮಂಡ್ಯ: ಮಹಿಳೆಯರನ್ನು ಕಾಡುತ್ತಿರುವ ಮಾರಕ ರೋಗವಾದ ಗರ್ಭಕಂಠ ಕ್ಯಾನ್ಸರ್ ತಡೆಗಟ್ಟುವ ನಿಟ್ಟಿನಲ್ಲಿ ಡಾ. ಜ್ಯೋತಿ ಅವರು ಉಚಿತವಾಗಿ ಲಸಿಕೆ ನೀಡುವ ಮೂಲಕ ಮಾನವೀಯತೆ ಮೆರೆದಿದ್ದಾರೆ. ಕ್ಯಾನ್ಸರ್ ರೋಗದಿಂದ ಬಳಲುತ್ತಿರುವ ಮಹಿಳೆಯರ ಸಂಖ್ಯೆ ಹೆಚ್ಚುತ್ತಿದೆ. ಗರ್ಭಕಂಠ ಕ್ಯಾನ್ಸರ್ ಮಹಿಳೆಯರ ಜೀವಕ್ಕೆ ಕಂಟಕವಾಗಿದೆ. ಭಾರತದಲ್ಲಿ ಪ್ರತಿ ವರ್ಷ ಸಾವಿರಾರು ಮಹಿಳೆಯರು ಈ ರೋಗಕ್ಕೆ ತುತ್ತಾಗುತ್ತಿದ್ದಾರೆ. ಬಡ ಮಕ್ಕಳಿಗೆ ಡಾ.ಜ್ಯೋತಿ ಉಚಿತವಾಗಿ ಲಸಿಕೆ ನೀಡುವ ಮೂಲಕ ಮಾದರಿಯಾಗಿದ್ದಾರೆ. ಗರ್ಭಕಂಠ ಕ್ಯಾನ್ಸರ್ ಎಚ್‌ಪಿವಿ ವೈರಸ್ ಸೋಂಕು ಕಾರಣ. ಈ ಸೋಂಕಿಗೆ ಹದಿಹರೆಯದಲ್ಲೇ ಲಸಿಕೆ ಪಡೆದರೆ ರಕ್ಷಣೆ ಸಿಗುತ್ತದೆ. ಕೇವಲ 1600 ರಿಂದ 2500 ರೂ. ಹೆಚ್ಚು ಹಣ ತೆತ್ತಬೇಕಾಗುತ್ತದೆ.

ಮಾಡುವ ಸಾವಿರಾರು ಹೆಣ್ಣು ಮಕ್ಕಳಿಗೆ ಲಸಿಕೆ ನೀಡಿದ್ದಾರೆ. ಕೋವಿಡ್ ಸಂದರ್ಭದಲ್ಲಿಯೂ ಉಚಿತ ಚಿಕಿತ್ಸೆ ನೀಡಿ ಜನರ ಪ್ರಾಣ ಉಳಿಸುವ ಕೆಲಸ ಮಾಡಿದ್ದಾರೆ. ಹಣ ಕೊಟ್ಟು ಲಸಿಕೆಯನ್ನು ಪಡೆಯುವುದು ಬಡ ಕುಟುಂಬಗಳಿಗೆ ಕಷ್ಟಸಾಧ್ಯ. ಸರ್ಕಾರ ಶಾಲಾ ಹಂತದಲ್ಲೇ ಉಚಿತ ಲಸಿಕೆ ನೀಡಬೇಕು ಎಂದು ಮನವಿ ಮಾಡಿದರು.

“

ಕಳೆದ ಒಂದು ವರ್ಷದಿಂದಲೂ ಸರ್ಕಾರಿ ಶಾಲೆಯ ಮಕ್ಕಳಿಗೆ ಗರ್ಭಕಂಠ ಕ್ಯಾನ್ಸರ್ ಸಂಬಂಧಿಸಿ ಎಚ್‌ಪಿವಿ ಲಸಿಕೆಯನ್ನು ಕೊಡುತ್ತಿದ್ದೇನೆ. ಇದರಿಂದಾಗಿ ಸಮಾಜ ಜಕ್ಕ ಕಿಂಚಿತ್ತಾದರೂ ಸೇವೆ ಮಾಡುವ ಉದ್ದೇಶವಾಗಿದೆ. ಸಂಘ-ಸಂಸ್ಥೆಗಳು ಕೈ ಜೋಡಿಸಿದರೆ ಮತ್ತಷ್ಟು ಹೆಚ್ಚಿನ ಮಕ್ಕಳಿಗೆ ಲಸಿಕೆ ನೀಡಬಹುದು.

ಡಾ. ಜ್ಯೋತಿ, ಸುಧಿ ಆಸ್ಪತ್ರೆ ಸ್ತ್ರೀ ರೋಗ ತಜ್ಞೆ

ಮಾಡುವ ಸಾವಿರಾರು ಹೆಣ್ಣು ಮಕ್ಕಳಿಗೆ ಲಸಿಕೆ ನೀಡಿದ್ದಾರೆ. ಕೋವಿಡ್ ಸಂದರ್ಭದಲ್ಲಿಯೂ ಉಚಿತ ಚಿಕಿತ್ಸೆ ನೀಡಿ ಜನರ ಪ್ರಾಣ ಉಳಿಸುವ ಕೆಲಸ ಮಾಡಿದ್ದಾರೆ. ಹಣ ಕೊಟ್ಟು ಲಸಿಕೆಯನ್ನು ಪಡೆಯುವುದು ಬಡ ಕುಟುಂಬಗಳಿಗೆ ಕಷ್ಟಸಾಧ್ಯ. ಸರ್ಕಾರ ಶಾಲಾ ಹಂತದಲ್ಲೇ ಉಚಿತ ಲಸಿಕೆ ನೀಡಬೇಕು ಎಂದು ಮನವಿ ಮಾಡಿದರು.

ಜಾನಪದ ಉತ್ಸವ ಕಾರ್ಯಕ್ರಮದಲ್ಲಿ ನೇತ್ರಾವತಿ ಅಭಿಪ್ರಾಯ
ಜಾನಪದ ಕಲೆಯನ್ನು ಉಳಿಸಿ ಬೆಳೆಸಿ

ನಾಗಮಂಗಲ: ಜಗತ್ತಿನ ಕಲಾ ಪರಂಪರೆಗೆ ಜಾನಪದವೇ ಮೂಲ ಬೇರಾಗಿದೆ. ಗ್ರಾಮೀಣ ಸೊಗಡಿನ ಜಾನಪದ ಕಲೆಯನ್ನು ಮುಂದಿನ ಪೀಳಿಗೆಗೆ ಉಳಿಸಿ ಬೆಳೆಸಬೇಕಾದ್ದು ಎಲ್ಲರ ಕರ್ತವ್ಯ ಎಂದು ಉಪನ್ಯಾಸಕಿ ನೇತ್ರಾವತಿ ಹೇಳಿದರು. ಪಟ್ಟಣದ ಹೊರವಲಯದ ದೇವಲಾಪುರ ಕ್ರಾಸ್ ಬಳಿಯ ಕಾಲೇಜಿನಲ್ಲಿ ಆಯೋಜಿಸಿದ್ದ ಜಾನಪದ ಉತ್ಸವ ಕಾರ್ಯಕ್ರಮದಲ್ಲಿ ಮಾತನಾಡಿದ ಅವರು, ಗ್ರಾಮೀಣ ಸೊಗಡಿನ ಜಾನಪದ ಕಲೆ ಇಂದು ಆಧುನಿಕತೆಯ ಭರಾಟೆಯಲ್ಲಿ ನಶಿಸಿ ಹೋಗುತ್ತಿದೆ. ಯುವ ಪೀಳಿಗೆ ಜಾನಪದ ಕಲೆಯನ್ನು ಮುಂದುವರಿಸಿಕೊಂಡು ಹೋಗಬೇಕು.

ಧಾನ್ಯಗಳ ರಾಶಿಪೂಜೆ

ಜಾನಪದ ಉತ್ಸವದ ಅಂಗವಾಗಿ ಕಾಲೇಜಿನ ಆವರಣದಲ್ಲಿ ರಾಗಿ, ಭತ್ತ ಸೇರಿದಂತೆ ವಿವಿಧ ಧಾನ್ಯಗಳ ರಾಶಿ ಮಾಡಿ, ಪೂಜೆ ಸಲ್ಲಿಸಲಾಯಿತು. ಜಾನಪದ ಉಡುಗೆ ತೊಟ್ಟು ವಿದ್ಯಾರ್ಥಿಗಳು ಸಂಭ್ರಮಿಸಿದರು. ಕಾಲೇಜಿನ ಹೆಣ್ಣು ಮಕ್ಕಳು ತಂಬಿಟ್ಟಿನ ಆರತಿ ಹಿಡಿದು ಹೆಜ್ಜೆ ಹಾಕಿದರು.

ಆಸಕ್ತಿ ತೋರಿಸುತ್ತಿರುವುದು ಶ್ಲಾಘನೀಯ ಎಂದರು. ಕಾರ್ಯಕ್ರಮದಲ್ಲಿ ಕಾಲೇಜಿನ ಪ್ರಾಂಶುಪಾಲರು, ಉಪನ್ಯಾಸಕರು ಹಾಗೂ ವಿದ್ಯಾರ್ಥಿಗಳು ಭಾಗವಹಿಸಿದ್ದರು. ಕಾರ್ಯಕ್ರಮದ ನಿರೂಪಣೆಯನ್ನು ವಿದ್ಯಾರ್ಥಿಗಳು ನಡೆಸಿಕೊಟ್ಟರು.
